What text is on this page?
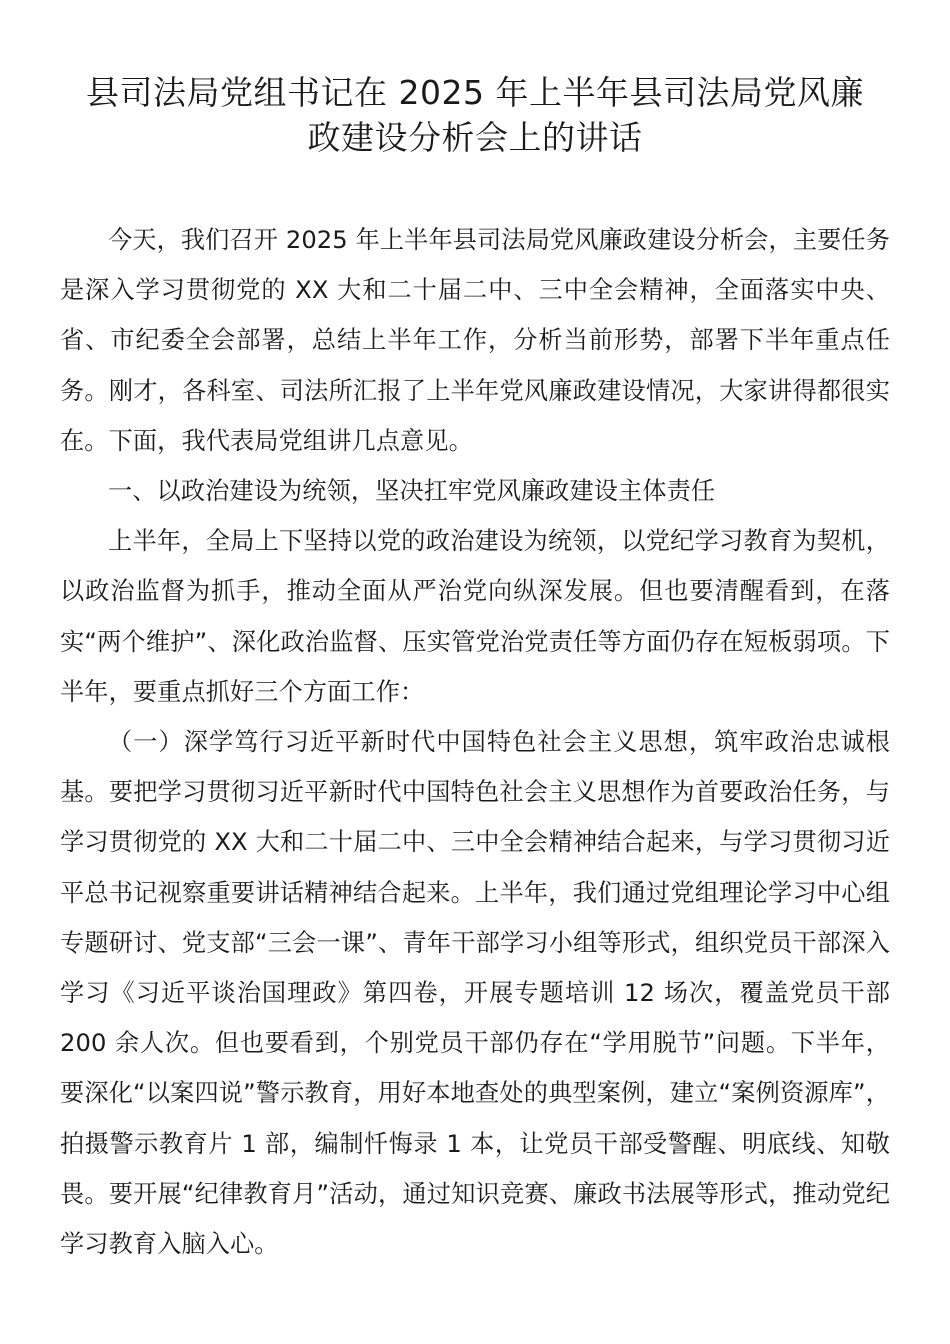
县司法局党组书记在 2025 年上半年县司法局党风廉
政建设分析会上的讲话

今天，我们召开 2025 年上半年县司法局党风廉政建设分析会，主要任务是深入学习贯彻党的 XX 大和二十届二中、三中全会精神，全面落实中央、省、市纪委全会部署，总结上半年工作，分析当前形势，部署下半年重点任务。刚才，各科室、司法所汇报了上半年党风廉政建设情况，大家讲得都很实在。下面，我代表局党组讲几点意见。

一、以政治建设为统领，坚决扛牢党风廉政建设主体责任

上半年，全局上下坚持以党的政治建设为统领，以党纪学习教育为契机，以政治监督为抓手，推动全面从严治党向纵深发展。但也要清醒看到，在落实“两个维护”、深化政治监督、压实管党治党责任等方面仍存在短板弱项。下半年，要重点抓好三个方面工作：

（一）深学笃行习近平新时代中国特色社会主义思想，筑牢政治忠诚根基。要把学习贯彻习近平新时代中国特色社会主义思想作为首要政治任务，与学习贯彻党的 XX 大和二十届二中、三中全会精神结合起来，与学习贯彻习近平总书记视察重要讲话精神结合起来。上半年，我们通过党组理论学习中心组专题研讨、党支部“三会一课”、青年干部学习小组等形式，组织党员干部深入学习《习近平谈治国理政》第四卷，开展专题培训 12 场次，覆盖党员干部 200 余人次。但也要看到，个别党员干部仍存在“学用脱节”问题。下半年，要深化“以案四说”警示教育，用好本地查处的典型案例，建立“案例资源库”，拍摄警示教育片 1 部，编制忏悔录 1 本，让党员干部受警醒、明底线、知敬畏。要开展“纪律教育月”活动，通过知识竞赛、廉政书法展等形式，推动党纪学习教育入脑入心。
